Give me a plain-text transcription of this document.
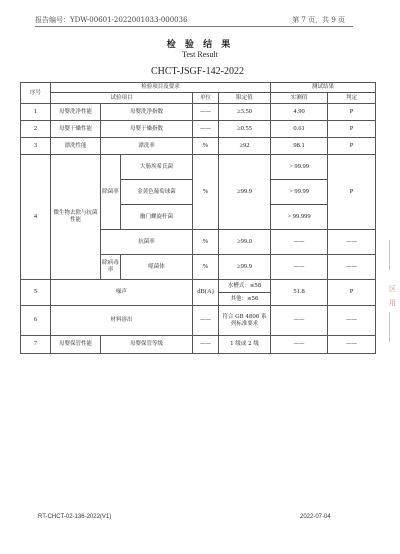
报告编号：YDW-00601-2022001033-000036	第 7 页，共 9 页
检 验 结 果
Test Result
CHCT-JSGF-142-2022
序号	检验项目及要求					测试结果	
	试验项目			单位	限定值	实测值	判定
1	母婴洗净性能	母婴洗净指数		——	≥3.50	4.90	P
2	母婴干燥性能	母婴干燥指数		——	≥0.55	0.61	P
3	漂洗性能	漂洗率		%	≥92	98.1	P
4	微生物去除与抗菌性能	除菌率	大肠埃希氏菌	%	≥99.9	> 99.99	P
			金黄色葡萄球菌			> 99.99	
			幽门螺旋杆菌			> 99.999	
		抗菌率		%	≥99.0	——	——
		除病毒率	噬菌体	%	≥99.9	——	——
5	噪声			dB(A)	水槽式：≤58	51.8	P
					其他：≤56		
6	材料溶出			——	符合 GB 4806 系列标准要求	——	——
7	母婴保管性能	母婴保管等级		——	1 级或 2 级	——	——
RT-CHCT-02-136-2022(V1)	2022-07-04
区
用
